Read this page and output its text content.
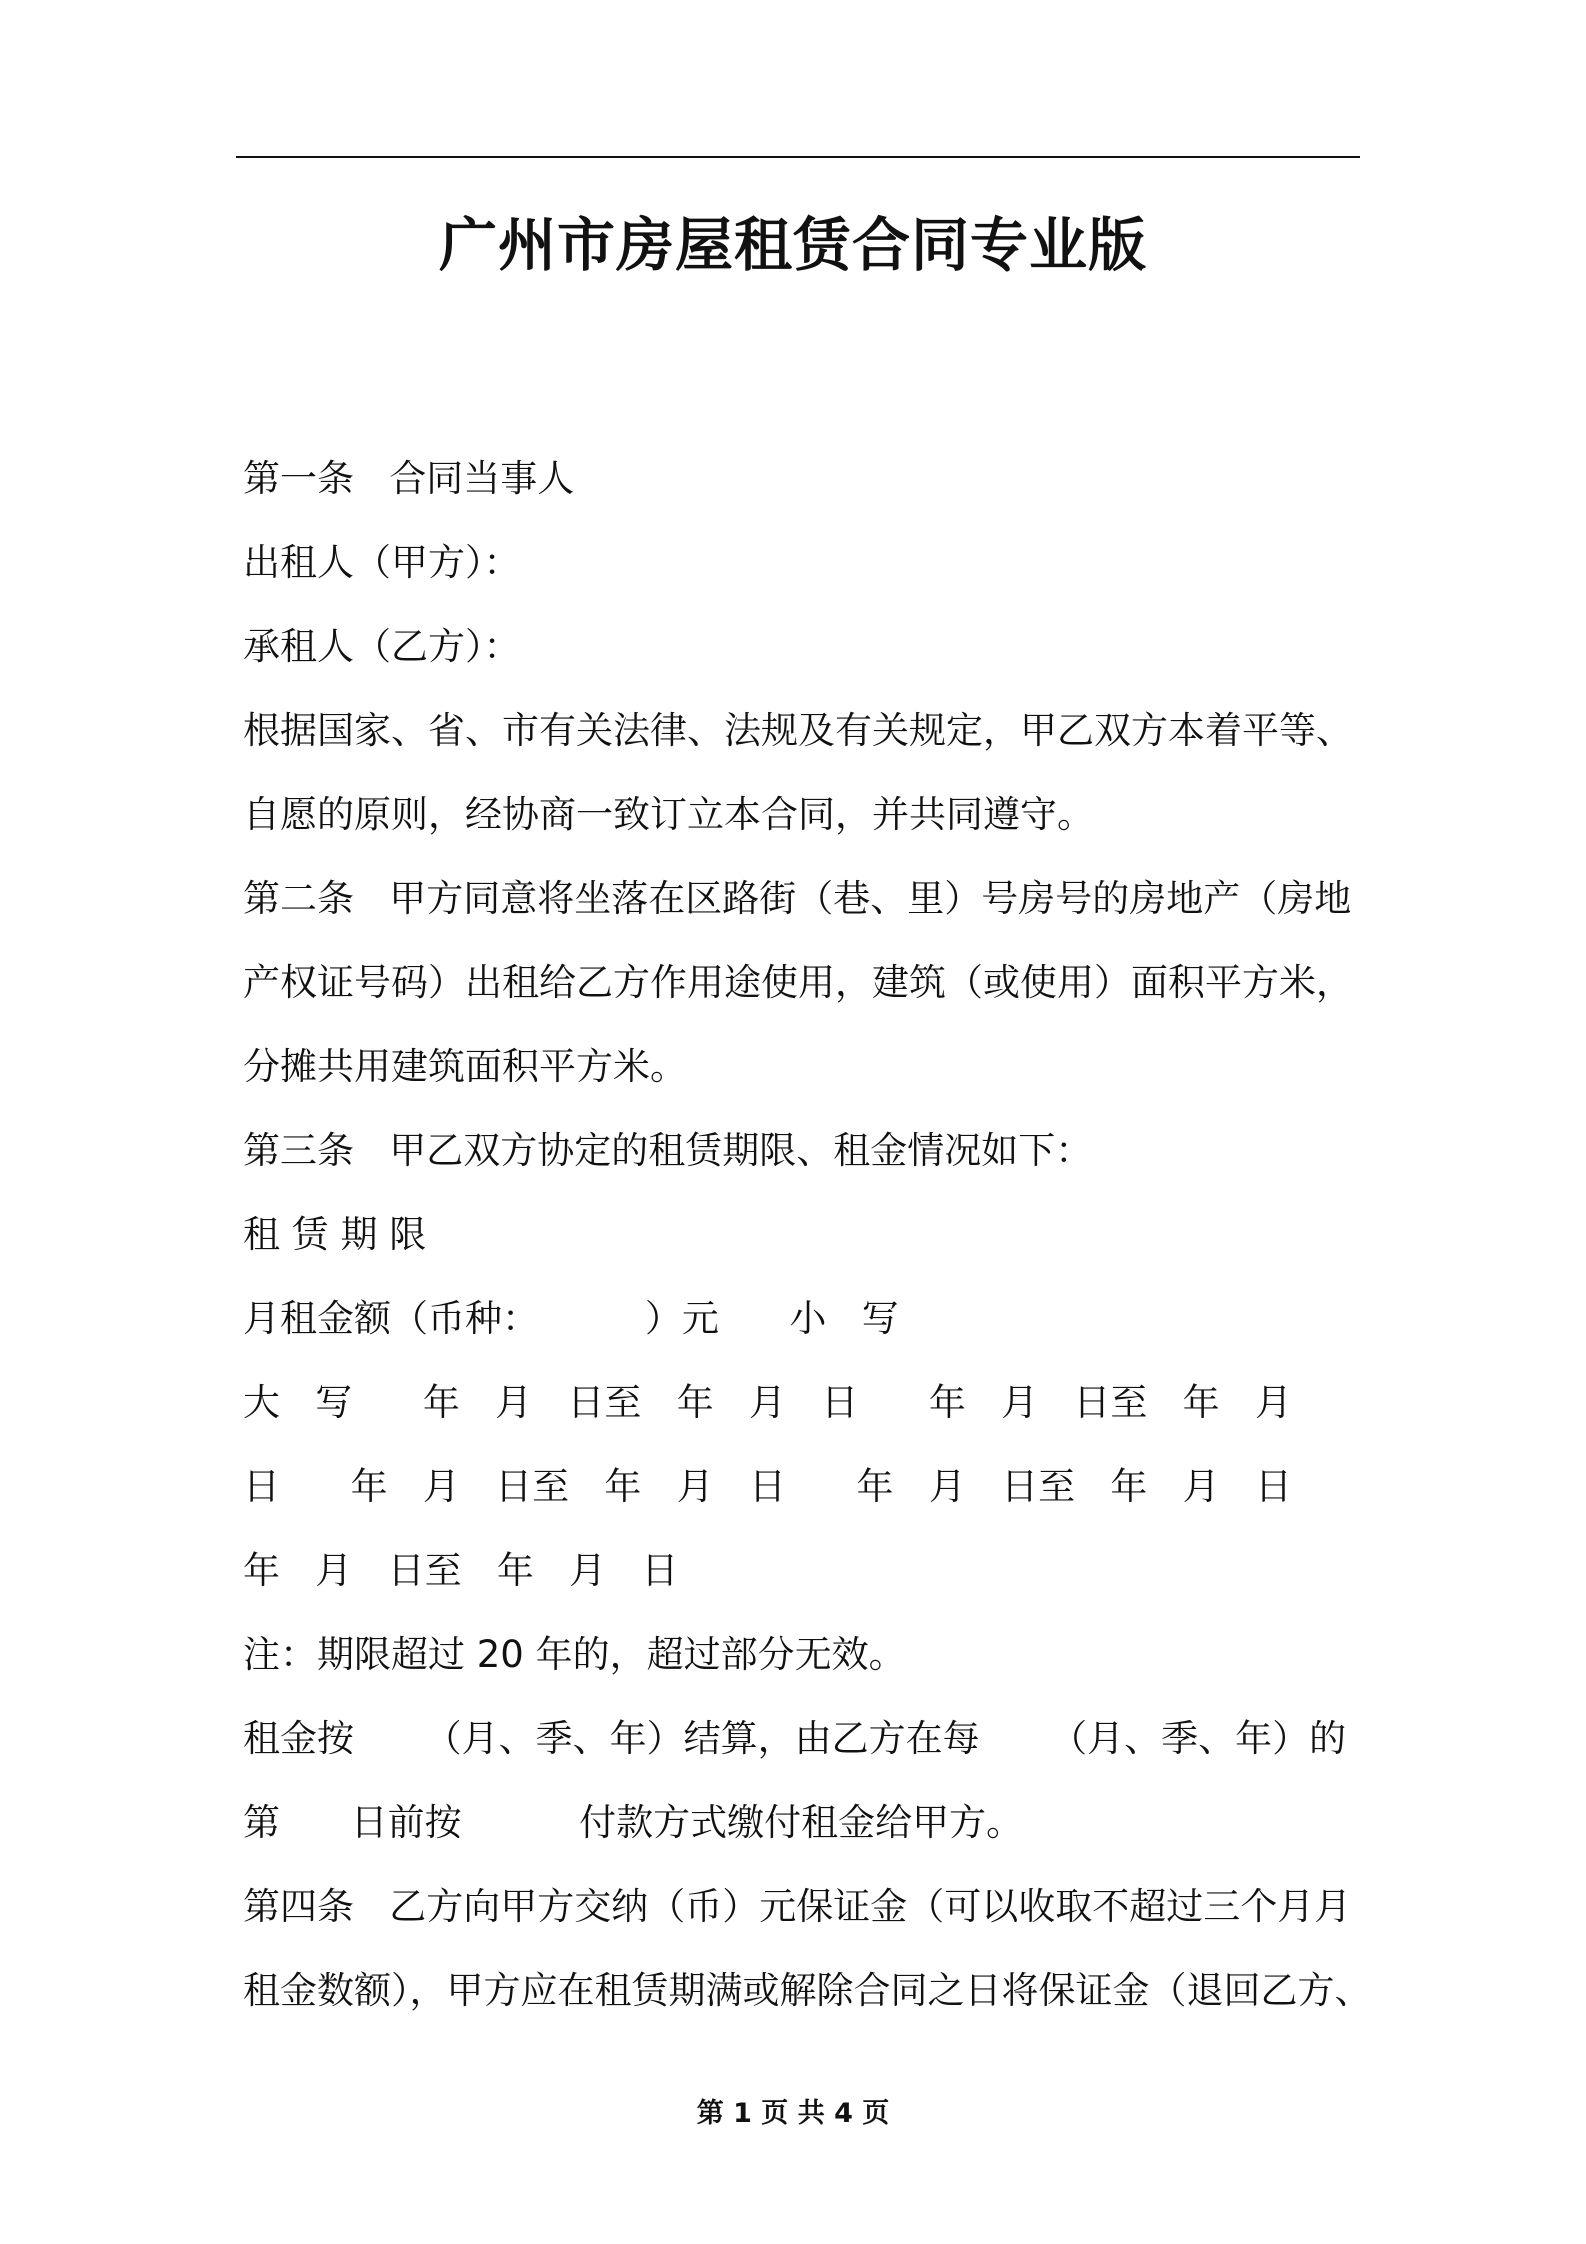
广州市房屋租赁合同专业版
第一条   合同当事人
出租人（甲方）：
承租人（乙方）：
根据国家、省、市有关法律、法规及有关规定，甲乙双方本着平等、
自愿的原则，经协商一致订立本合同，并共同遵守。
第二条   甲方同意将坐落在区路街（巷、里）号房号的房地产（房地
产权证号码）出租给乙方作用途使用，建筑（或使用）面积平方米，
分摊共用建筑面积平方米。
第三条   甲乙双方协定的租赁期限、租金情况如下：
租 赁 期 限
月租金额（币种：         ）元      小   写
大   写      年   月   日至   年   月   日      年   月   日至   年   月
日      年   月   日至   年   月   日      年   月   日至   年   月   日
年   月   日至   年   月   日
注：期限超过 20 年的，超过部分无效。
租金按      （月、季、年）结算，由乙方在每      （月、季、年）的
第      日前按          付款方式缴付租金给甲方。
第四条   乙方向甲方交纳（币）元保证金（可以收取不超过三个月月
租金数额），甲方应在租赁期满或解除合同之日将保证金（退回乙方、
第 1 页 共 4 页
